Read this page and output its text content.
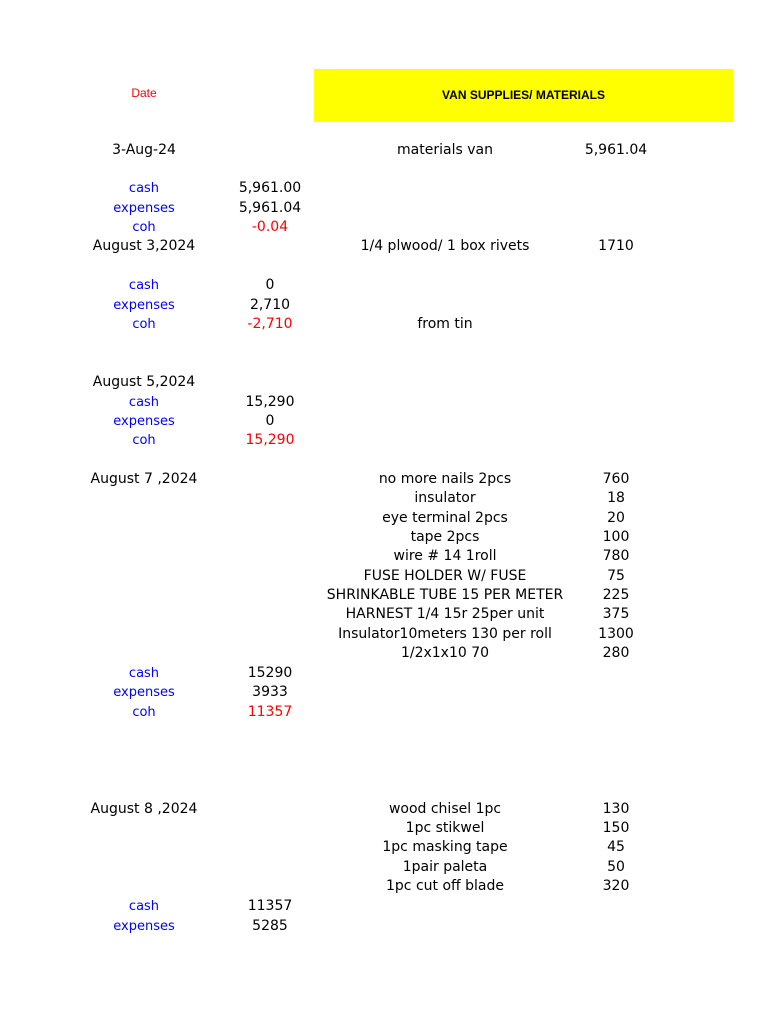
Date	VAN SUPPLIES/ MATERIALS
3-Aug-24	materials van	5,961.04
cash	5,961.00
expenses	5,961.04
coh	-0.04
August 3,2024	1/4 plwood/ 1 box rivets	1710
cash	0
expenses	2,710
coh	-2,710	from tin
August 5,2024
cash	15,290
expenses	0
coh	15,290
August 7 ,2024	no more nails 2pcs	760
insulator	18
eye terminal 2pcs	20
tape 2pcs	100
wire # 14 1roll	780
FUSE HOLDER W/ FUSE	75
SHRINKABLE TUBE 15 PER METER	225
HARNEST 1/4 15r 25per unit	375
Insulator10meters 130 per roll	1300
1/2x1x10 70	280
cash	15290
expenses	3933
coh	11357
August 8 ,2024	wood chisel 1pc	130
1pc stikwel	150
1pc masking tape	45
1pair paleta	50
1pc cut off blade	320
cash	11357
expenses	5285
